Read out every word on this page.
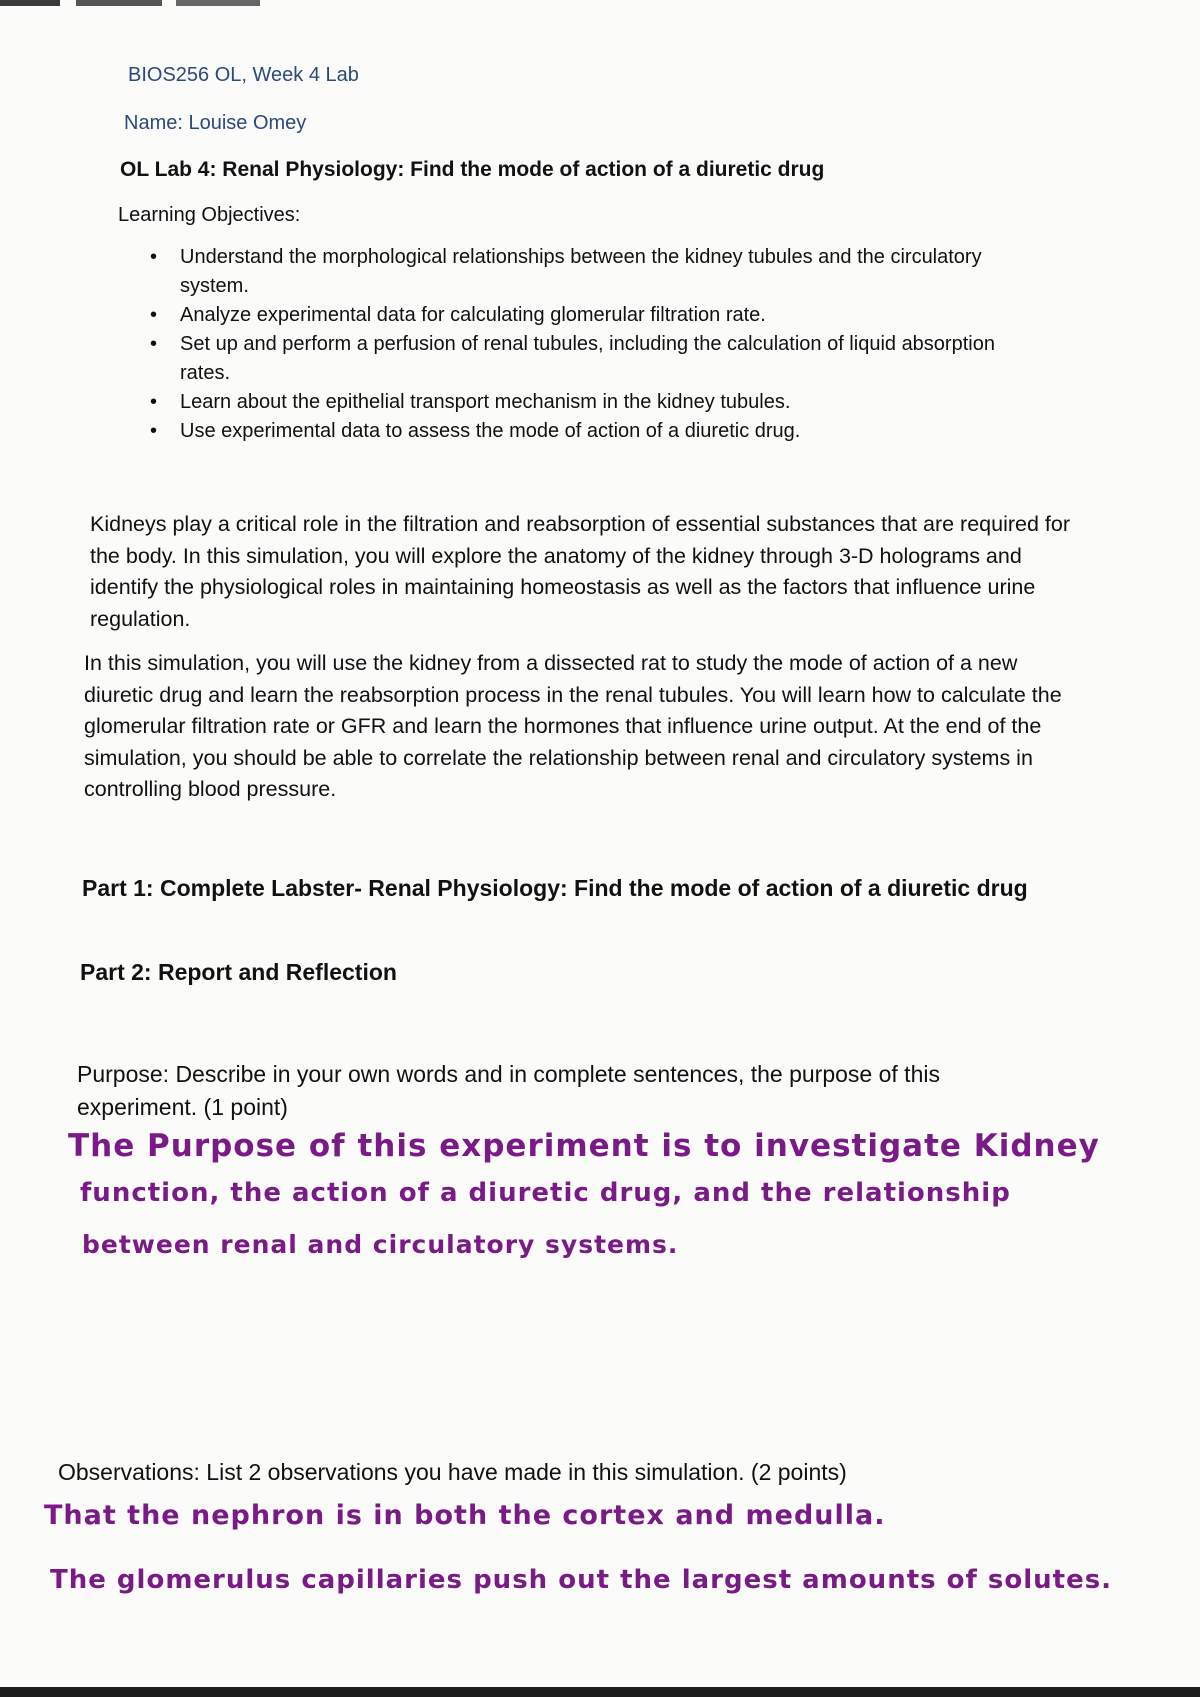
BIOS256 OL, Week 4 Lab
Name: Louise Omey
OL Lab 4: Renal Physiology: Find the mode of action of a diuretic drug
Learning Objectives:
• Understand the morphological relationships between the kidney tubules and the circulatory system.
• Analyze experimental data for calculating glomerular filtration rate.
• Set up and perform a perfusion of renal tubules, including the calculation of liquid absorption rates.
• Learn about the epithelial transport mechanism in the kidney tubules.
• Use experimental data to assess the mode of action of a diuretic drug.
Kidneys play a critical role in the filtration and reabsorption of essential substances that are required for the body. In this simulation, you will explore the anatomy of the kidney through 3-D holograms and identify the physiological roles in maintaining homeostasis as well as the factors that influence urine regulation.
In this simulation, you will use the kidney from a dissected rat to study the mode of action of a new diuretic drug and learn the reabsorption process in the renal tubules. You will learn how to calculate the glomerular filtration rate or GFR and learn the hormones that influence urine output. At the end of the simulation, you should be able to correlate the relationship between renal and circulatory systems in controlling blood pressure.
Part 1: Complete Labster- Renal Physiology: Find the mode of action of a diuretic drug
Part 2: Report and Reflection
Purpose: Describe in your own words and in complete sentences, the purpose of this experiment. (1 point)
The Purpose of this experiment is to investigate Kidney
function, the action of a diuretic drug, and the relationship
between renal and circulatory systems.
Observations: List 2 observations you have made in this simulation. (2 points)
That the nephron is in both the cortex and medulla.
The glomerulus capillaries push out the largest amounts of solutes.
